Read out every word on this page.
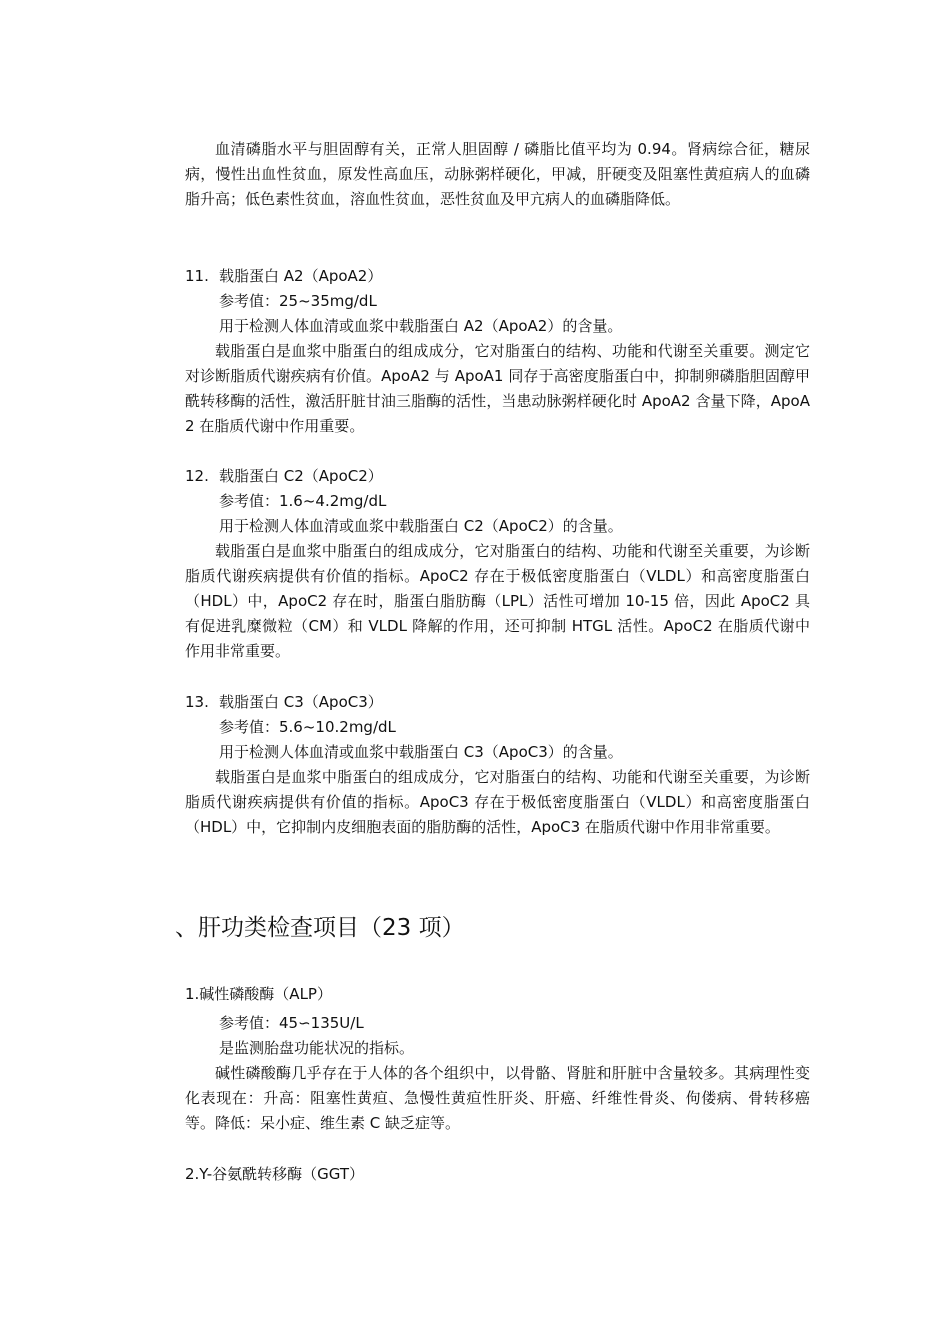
血清磷脂水平与胆固醇有关，正常人胆固醇 / 磷脂比值平均为 0.94。肾病综合征，糖尿病，慢性出血性贫血，原发性高血压，动脉粥样硬化，甲减，肝硬变及阻塞性黄疸病人的血磷脂升高；低色素性贫血，溶血性贫血，恶性贫血及甲亢病人的血磷脂降低。

11. 载脂蛋白 A2（ApoA2）
参考值：25~35mg/dL
用于检测人体血清或血浆中载脂蛋白 A2（ApoA2）的含量。

载脂蛋白是血浆中脂蛋白的组成成分，它对脂蛋白的结构、功能和代谢至关重要。测定它对诊断脂质代谢疾病有价值。ApoA2 与 ApoA1 同存于高密度脂蛋白中，抑制卵磷脂胆固醇甲酰转移酶的活性，激活肝脏甘油三脂酶的活性，当患动脉粥样硬化时 ApoA2 含量下降，ApoA2 在脂质代谢中作用重要。

12. 载脂蛋白 C2（ApoC2）
参考值：1.6~4.2mg/dL
用于检测人体血清或血浆中载脂蛋白 C2（ApoC2）的含量。

载脂蛋白是血浆中脂蛋白的组成成分，它对脂蛋白的结构、功能和代谢至关重要，为诊断脂质代谢疾病提供有价值的指标。ApoC2 存在于极低密度脂蛋白（VLDL）和高密度脂蛋白（HDL）中，ApoC2 存在时，脂蛋白脂肪酶（LPL）活性可增加 10-15 倍，因此 ApoC2 具有促进乳糜微粒（CM）和 VLDL 降解的作用，还可抑制 HTGL 活性。ApoC2 在脂质代谢中作用非常重要。

13. 载脂蛋白 C3（ApoC3）
参考值：5.6~10.2mg/dL
用于检测人体血清或血浆中载脂蛋白 C3（ApoC3）的含量。

载脂蛋白是血浆中脂蛋白的组成成分，它对脂蛋白的结构、功能和代谢至关重要，为诊断脂质代谢疾病提供有价值的指标。ApoC3 存在于极低密度脂蛋白（VLDL）和高密度脂蛋白（HDL）中，它抑制内皮细胞表面的脂肪酶的活性，ApoC3 在脂质代谢中作用非常重要。

、肝功类检查项目（23 项）
1.碱性磷酸酶（ALP）
参考值：45∽135U/L
是监测胎盘功能状况的指标。

碱性磷酸酶几乎存在于人体的各个组织中，以骨骼、肾脏和肝脏中含量较多。其病理性变化表现在：升高：阻塞性黄疸、急慢性黄疸性肝炎、肝癌、纤维性骨炎、佝偻病、骨转移癌等。降低：呆小症、维生素 C 缺乏症等。

2.Y-谷氨酰转移酶（GGT）
